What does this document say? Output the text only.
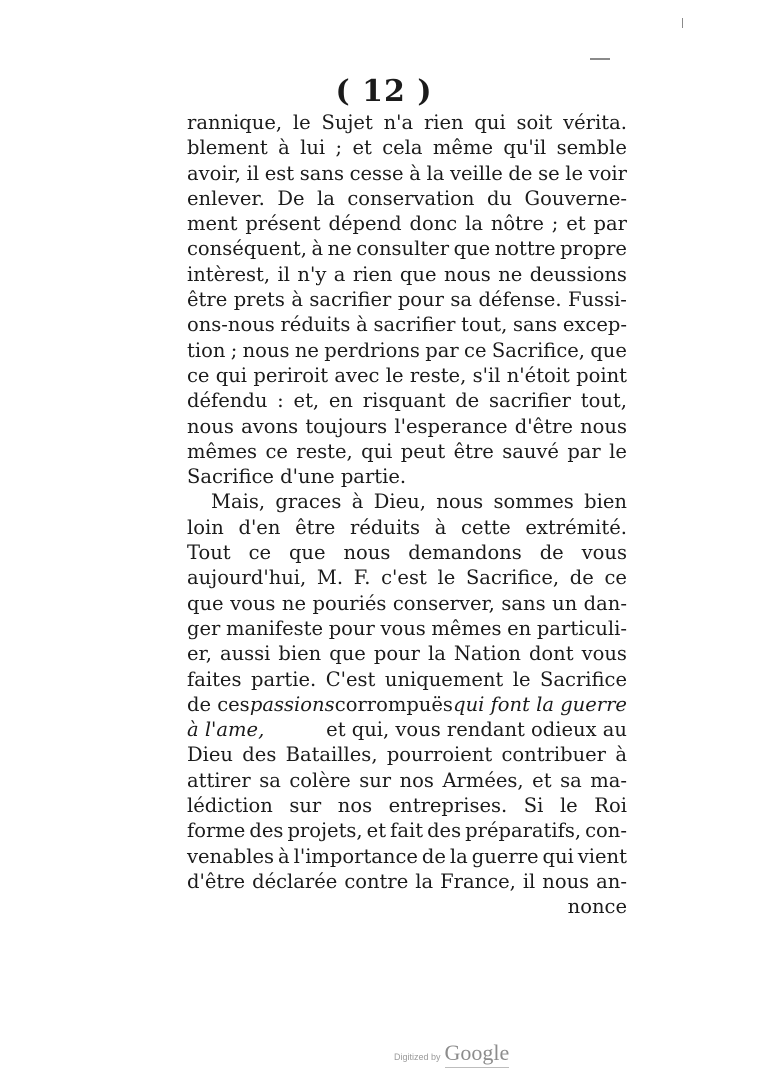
( 12 )
rannique, le Sujet n'a rien qui soit vérita.
blement à lui ; et cela même qu'il semble
avoir, il est sans cesse à la veille de se le voir
enlever. De la conservation du Gouverne-
ment présent dépend donc la nôtre ; et par
conséquent, à ne consulter que nottre propre
intèrest, il n'y a rien que nous ne deussions
être prets à sacrifier pour sa défense. Fussi-
ons-nous réduits à sacrifier tout, sans excep-
tion ; nous ne perdrions par ce Sacrifice, que
ce qui periroit avec le reste, s'il n'étoit point
défendu : et, en risquant de sacrifier tout,
nous avons toujours l'esperance d'être nous
mêmes ce reste, qui peut être sauvé par le
Sacrifice d'une partie.
Mais, graces à Dieu, nous sommes bien
loin d'en être réduits à cette extrémité.
Tout ce que nous demandons de vous
aujourd'hui, M. F. c'est le Sacrifice, de ce
que vous ne pouriés conserver, sans un dan-
ger manifeste pour vous mêmes en particuli-
er, aussi bien que pour la Nation dont vous
faites partie. C'est uniquement le Sacrifice
de ces passions corrompuës qui font la guerre
à l'ame,	et qui, vous rendant odieux au
Dieu des Batailles, pourroient contribuer à
attirer sa colère sur nos Armées, et sa ma-
lédiction sur nos entreprises. Si le Roi
forme des projets, et fait des préparatifs, con-
venables à l'importance de la guerre qui vient
d'être déclarée contre la France, il nous an-
nonce
Digitized by Google
